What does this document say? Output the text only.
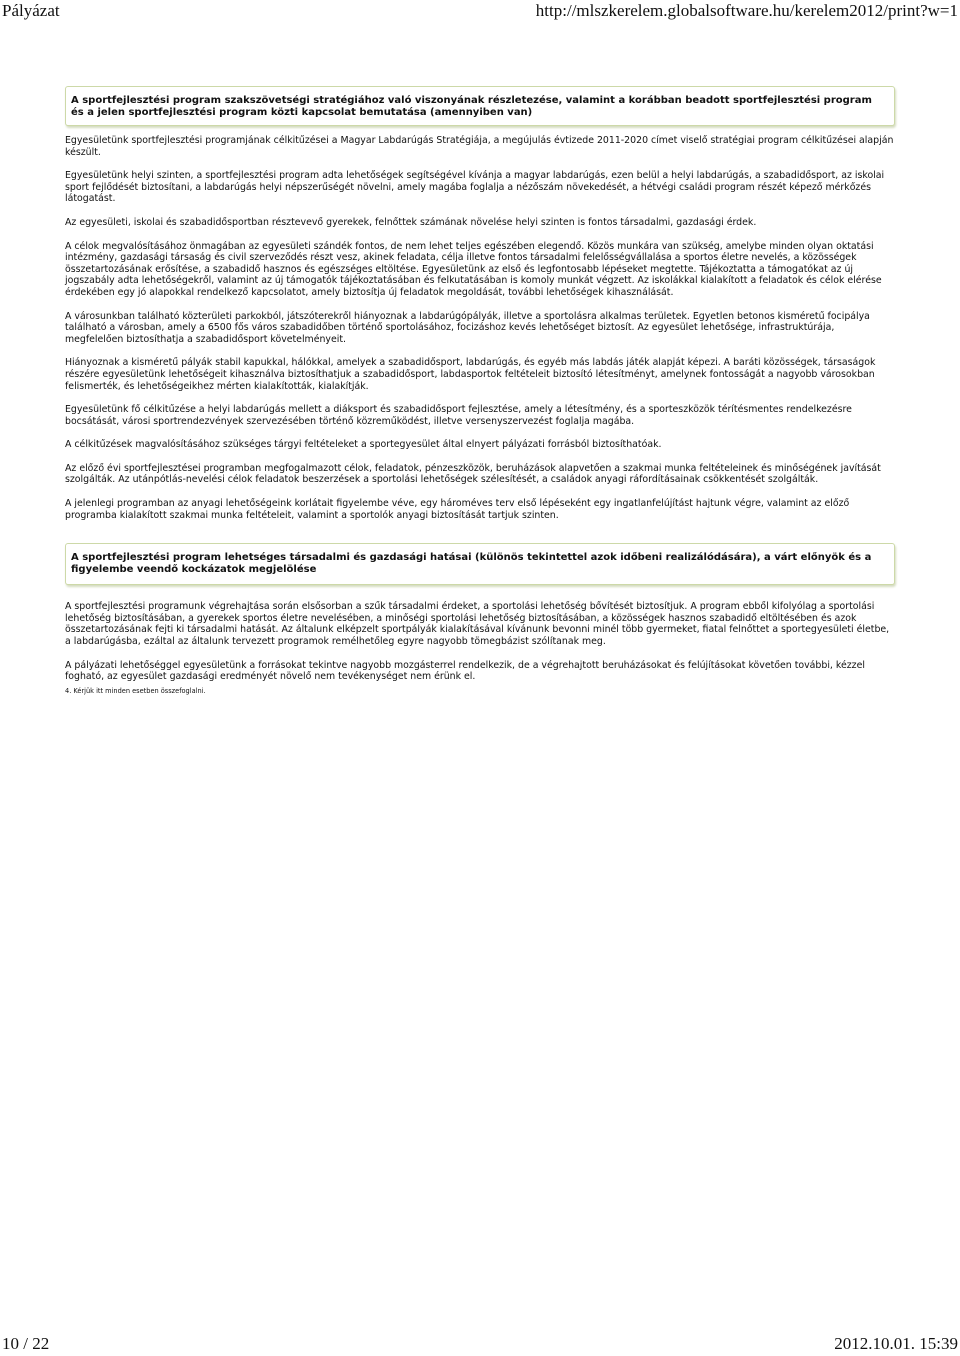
Pályázat	http://mlszkerelem.globalsoftware.hu/kerelem2012/print?w=1
A sportfejlesztési program szakszövetségi stratégiához való viszonyának részletezése, valamint a korábban beadott sportfejlesztési program és a jelen sportfejlesztési program közti kapcsolat bemutatása (amennyiben van)

Egyesületünk sportfejlesztési programjának célkitűzései a Magyar Labdarúgás Stratégiája, a megújulás évtizede 2011-2020 címet viselő stratégiai program célkitűzései alapján készült.

Egyesületünk helyi szinten, a sportfejlesztési program adta lehetőségek segítségével kívánja a magyar labdarúgás, ezen belül a helyi labdarúgás, a szabadidősport, az iskolai sport fejlődését biztosítani, a labdarúgás helyi népszerűségét növelni, amely magába foglalja a nézőszám növekedését, a hétvégi családi program részét képező mérkőzés látogatást.

Az egyesületi, iskolai és szabadidősportban résztevevő gyerekek, felnőttek számának növelése helyi szinten is fontos társadalmi, gazdasági érdek.

A célok megvalósításához önmagában az egyesületi szándék fontos, de nem lehet teljes egészében elegendő. Közös munkára van szükség, amelybe minden olyan oktatási intézmény, gazdasági társaság és civil szerveződés részt vesz, akinek feladata, célja illetve fontos társadalmi felelősségvállalása a sportos életre nevelés, a közösségek összetartozásának erősítése, a szabadidő hasznos és egészséges eltöltése. Egyesületünk az első és legfontosabb lépéseket megtette. Tájékoztatta a támogatókat az új jogszabály adta lehetőségekről, valamint az új támogatók tájékoztatásában és felkutatásában is komoly munkát végzett. Az iskolákkal kialakított a feladatok és célok elérése érdekében egy jó alapokkal rendelkező kapcsolatot, amely biztosítja új feladatok megoldását, további lehetőségek kihasználását.

A városunkban található közterületi parkokból, játszóterekről hiányoznak a labdarúgópályák, illetve a sportolásra alkalmas területek. Egyetlen betonos kisméretű focipálya található a városban, amely a 6500 fős város szabadidőben történő sportolásához, focizáshoz kevés lehetőséget biztosít. Az egyesület lehetősége, infrastruktúrája, megfelelően biztosíthatja a szabadidősport követelményeit.

Hiányoznak a kisméretű pályák stabil kapukkal, hálókkal, amelyek a szabadidősport, labdarúgás, és egyéb más labdás játék alapját képezi. A baráti közösségek, társaságok részére egyesületünk lehetőségeit kihasználva biztosíthatjuk a szabadidősport, labdasportok feltételeit biztosító létesítményt, amelynek fontosságát a nagyobb városokban felismerték, és lehetőségeikhez mérten kialakították, kialakítják.

Egyesületünk fő célkitűzése a helyi labdarúgás mellett a diáksport és szabadidősport fejlesztése, amely a létesítmény, és a sporteszközök térítésmentes rendelkezésre bocsátását, városi sportrendezvények szervezésében történő közreműködést, illetve versenyszervezést foglalja magába.

A célkitűzések magvalósításához szükséges tárgyi feltételeket a sportegyesület által elnyert pályázati forrásból biztosíthatóak.

Az előző évi sportfejlesztései programban megfogalmazott célok, feladatok, pénzeszközök, beruházások alapvetően a szakmai munka feltételeinek és minőségének javítását szolgálták. Az utánpótlás-nevelési célok feladatok beszerzések a sportolási lehetőségek szélesítését, a családok anyagi ráfordításainak csökkentését szolgálták.

A jelenlegi programban az anyagi lehetőségeink korlátait figyelembe véve, egy hároméves terv első lépéseként egy ingatlanfelújítást hajtunk végre, valamint az előző programba kialakított szakmai munka feltételeit, valamint a sportolók anyagi biztosítását tartjuk szinten.

A sportfejlesztési program lehetséges társadalmi és gazdasági hatásai (különös tekintettel azok időbeni realizálódására), a várt előnyök és a figyelembe veendő kockázatok megjelölése

A sportfejlesztési programunk végrehajtása során elsősorban a szűk társadalmi érdeket, a sportolási lehetőség bővítését biztosítjuk. A program ebből kifolyólag a sportolási lehetőség biztosításában, a gyerekek sportos életre nevelésében, a minőségi sportolási lehetőség biztosításában, a közösségek hasznos szabadidő eltöltésében és azok összetartozásának fejti ki társadalmi hatását. Az általunk elképzelt sportpályák kialakításával kívánunk bevonni minél több gyermeket, fiatal felnőttet a sportegyesületi életbe, a labdarúgásba, ezáltal az általunk tervezett programok remélhetőleg egyre nagyobb tömegbázist szólítanak meg.

A pályázati lehetőséggel egyesületünk a forrásokat tekintve nagyobb mozgásterrel rendelkezik, de a végrehajtott beruházásokat és felújításokat követően további, kézzel fogható, az egyesület gazdasági eredményét növelő nem tevékenységet nem érünk el.

4. Kérjük itt minden esetben összefoglalni.
10 / 22	2012.10.01. 15:39
